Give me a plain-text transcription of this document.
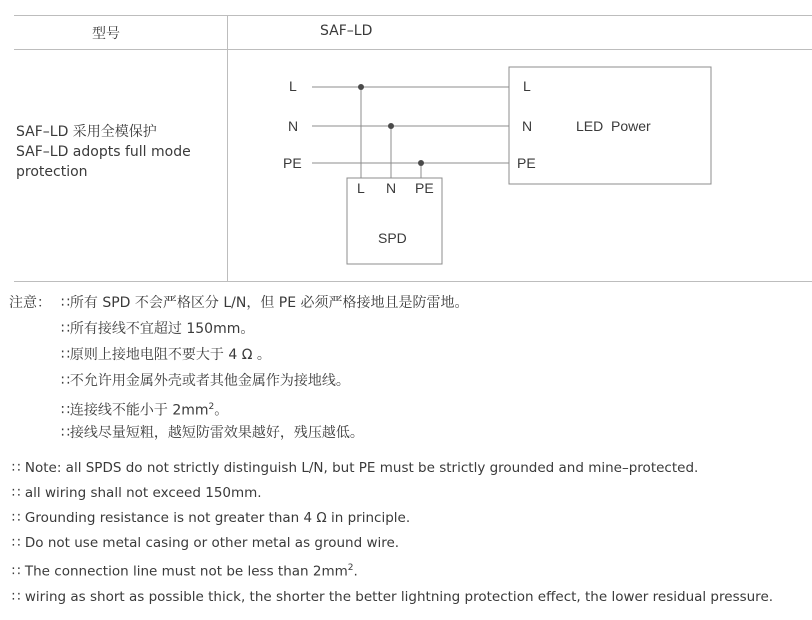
型号	SAF–LD
SAF–LD 采用全模保护
SAF–LD adopts full mode
protection
L
N
PE
L
N
PE
LED  Power
L N PE
SPD
注意： ∷所有 SPD 不会严格区分 L/N，但 PE 必须严格接地且是防雷地。
∷所有接线不宜超过 150mm。
∷原则上接地电阻不要大于 4 Ω 。
∷不允许用金属外壳或者其他金属作为接地线。
∷连接线不能小于 $2mm^2$。
∷接线尽量短粗，越短防雷效果越好，残压越低。
∷ Note: all SPDS do not strictly distinguish L/N, but PE must be strictly grounded and mine–protected.
∷ all wiring shall not exceed 150mm.
∷ Grounding resistance is not greater than 4 Ω in principle.
∷ Do not use metal casing or other metal as ground wire.
∷ The connection line must not be less than $2mm^2$.
∷ wiring as short as possible thick, the shorter the better lightning protection effect, the lower residual pressure.
